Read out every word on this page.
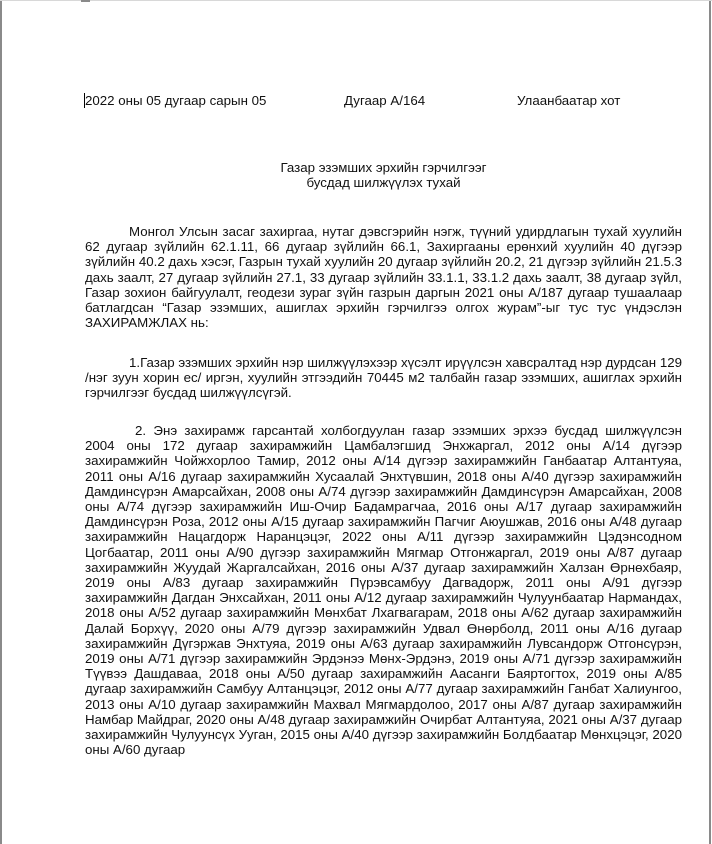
2022 оны 05 дугаар сарын 05	Дугаар А/164	Улаанбаатар хот
Газар эзэмших эрхийн гэрчилгээг
бусдад шилжүүлэх тухай

Монгол Улсын засаг захиргаа, нутаг дэвсгэрийн нэгж, түүний удирдлагын тухай хуулийн 62 дугаар зүйлийн 62.1.11, 66 дугаар зүйлийн 66.1, Захиргааны ерөнхий хуулийн 40 дүгээр зүйлийн 40.2 дахь хэсэг, Газрын тухай хуулийн 20 дугаар зүйлийн 20.2, 21 дүгээр зүйлийн 21.5.3 дахь заалт, 27 дугаар зүйлийн 27.1, 33 дугаар зүйлийн 33.1.1, 33.1.2 дахь заалт, 38 дугаар зүйл, Газар зохион байгуулалт, геодези зураг зүйн газрын даргын 2021 оны А/187 дугаар тушаалаар батлагдсан “Газар эзэмших, ашиглах эрхийн гэрчилгээ олгох журам”-ыг тус тус үндэслэн ЗАХИРАМЖЛАХ нь:

1.Газар эзэмших эрхийн нэр шилжүүлэхээр хүсэлт ирүүлсэн хавсралтад нэр дурдсан 129 /нэг зуун хорин ес/ иргэн, хуулийн этгээдийн 70445 м2 талбайн газар эзэмших, ашиглах эрхийн гэрчилгээг бусдад шилжүүлсүгэй.

2. Энэ захирамж гарсантай холбогдуулан газар эзэмших эрхээ бусдад шилжүүлсэн 2004 оны 172 дугаар захирамжийн Цамбалэгшид Энхжаргал, 2012 оны А/14 дүгээр захирамжийн Чойжхорлоо Тамир, 2012 оны А/14 дүгээр захирамжийн Ганбаатар Алтантуяа, 2011 оны А/16 дугаар захирамжийн Хусаалай Энхтүвшин, 2018 оны А/40 дүгээр захирамжийн Дамдинсүрэн Амарсайхан, 2008 оны А/74 дүгээр захирамжийн Дамдинсүрэн Амарсайхан, 2008 оны А/74 дүгээр захирамжийн Иш-Очир Бадамрагчаа, 2016 оны А/17 дугаар захирамжийн Дамдинсүрэн Роза, 2012 оны А/15 дугаар захирамжийн Пагчиг Аюушжав, 2016 оны А/48 дугаар захирамжийн Нацагдорж Наранцэцэг, 2022 оны А/11 дүгээр захирамжийн Цэдэнсодном Цогбаатар, 2011 оны А/90 дүгээр захирамжийн Мягмар Отгонжаргал, 2019 оны А/87 дугаар захирамжийн Жуудай Жаргалсайхан, 2016 оны А/37 дугаар захирамжийн Халзан Өрнөхбаяр, 2019 оны А/83 дугаар захирамжийн Пүрэвсамбуу Дагвадорж, 2011 оны А/91 дүгээр захирамжийн Дагдан Энхсайхан, 2011 оны А/12 дугаар захирамжийн Чулуунбаатар Нармандах, 2018 оны А/52 дугаар захирамжийн Мөнхбат Лхагвагарам, 2018 оны А/62 дугаар захирамжийн Далай Борхүү, 2020 оны А/79 дүгээр захирамжийн Удвал Өнөрболд, 2011 оны А/16 дугаар захирамжийн Дүгэржав Энхтуяа, 2019 оны А/63 дугаар захирамжийн Лувсандорж Отгонсүрэн, 2019 оны А/71 дүгээр захирамжийн Эрдэнээ Мөнх-Эрдэнэ, 2019 оны А/71 дүгээр захирамжийн Түүвээ Дашдаваа, 2018 оны А/50 дугаар захирамжийн Аасанги Баяртогтох, 2019 оны А/85 дугаар захирамжийн Самбуу Алтанцэцэг, 2012 оны А/77 дугаар захирамжийн Ганбат Халиунгоо, 2013 оны А/10 дугаар захирамжийн Махвал Мягмардолоо, 2017 оны А/87 дугаар захирамжийн Намбар Майдраг, 2020 оны А/48 дугаар захирамжийн Очирбат Алтантуяа, 2021 оны А/37 дугаар захирамжийн Чулуунсүх Ууган, 2015 оны А/40 дүгээр захирамжийн Болдбаатар Мөнхцэцэг, 2020 оны А/60 дугаар
